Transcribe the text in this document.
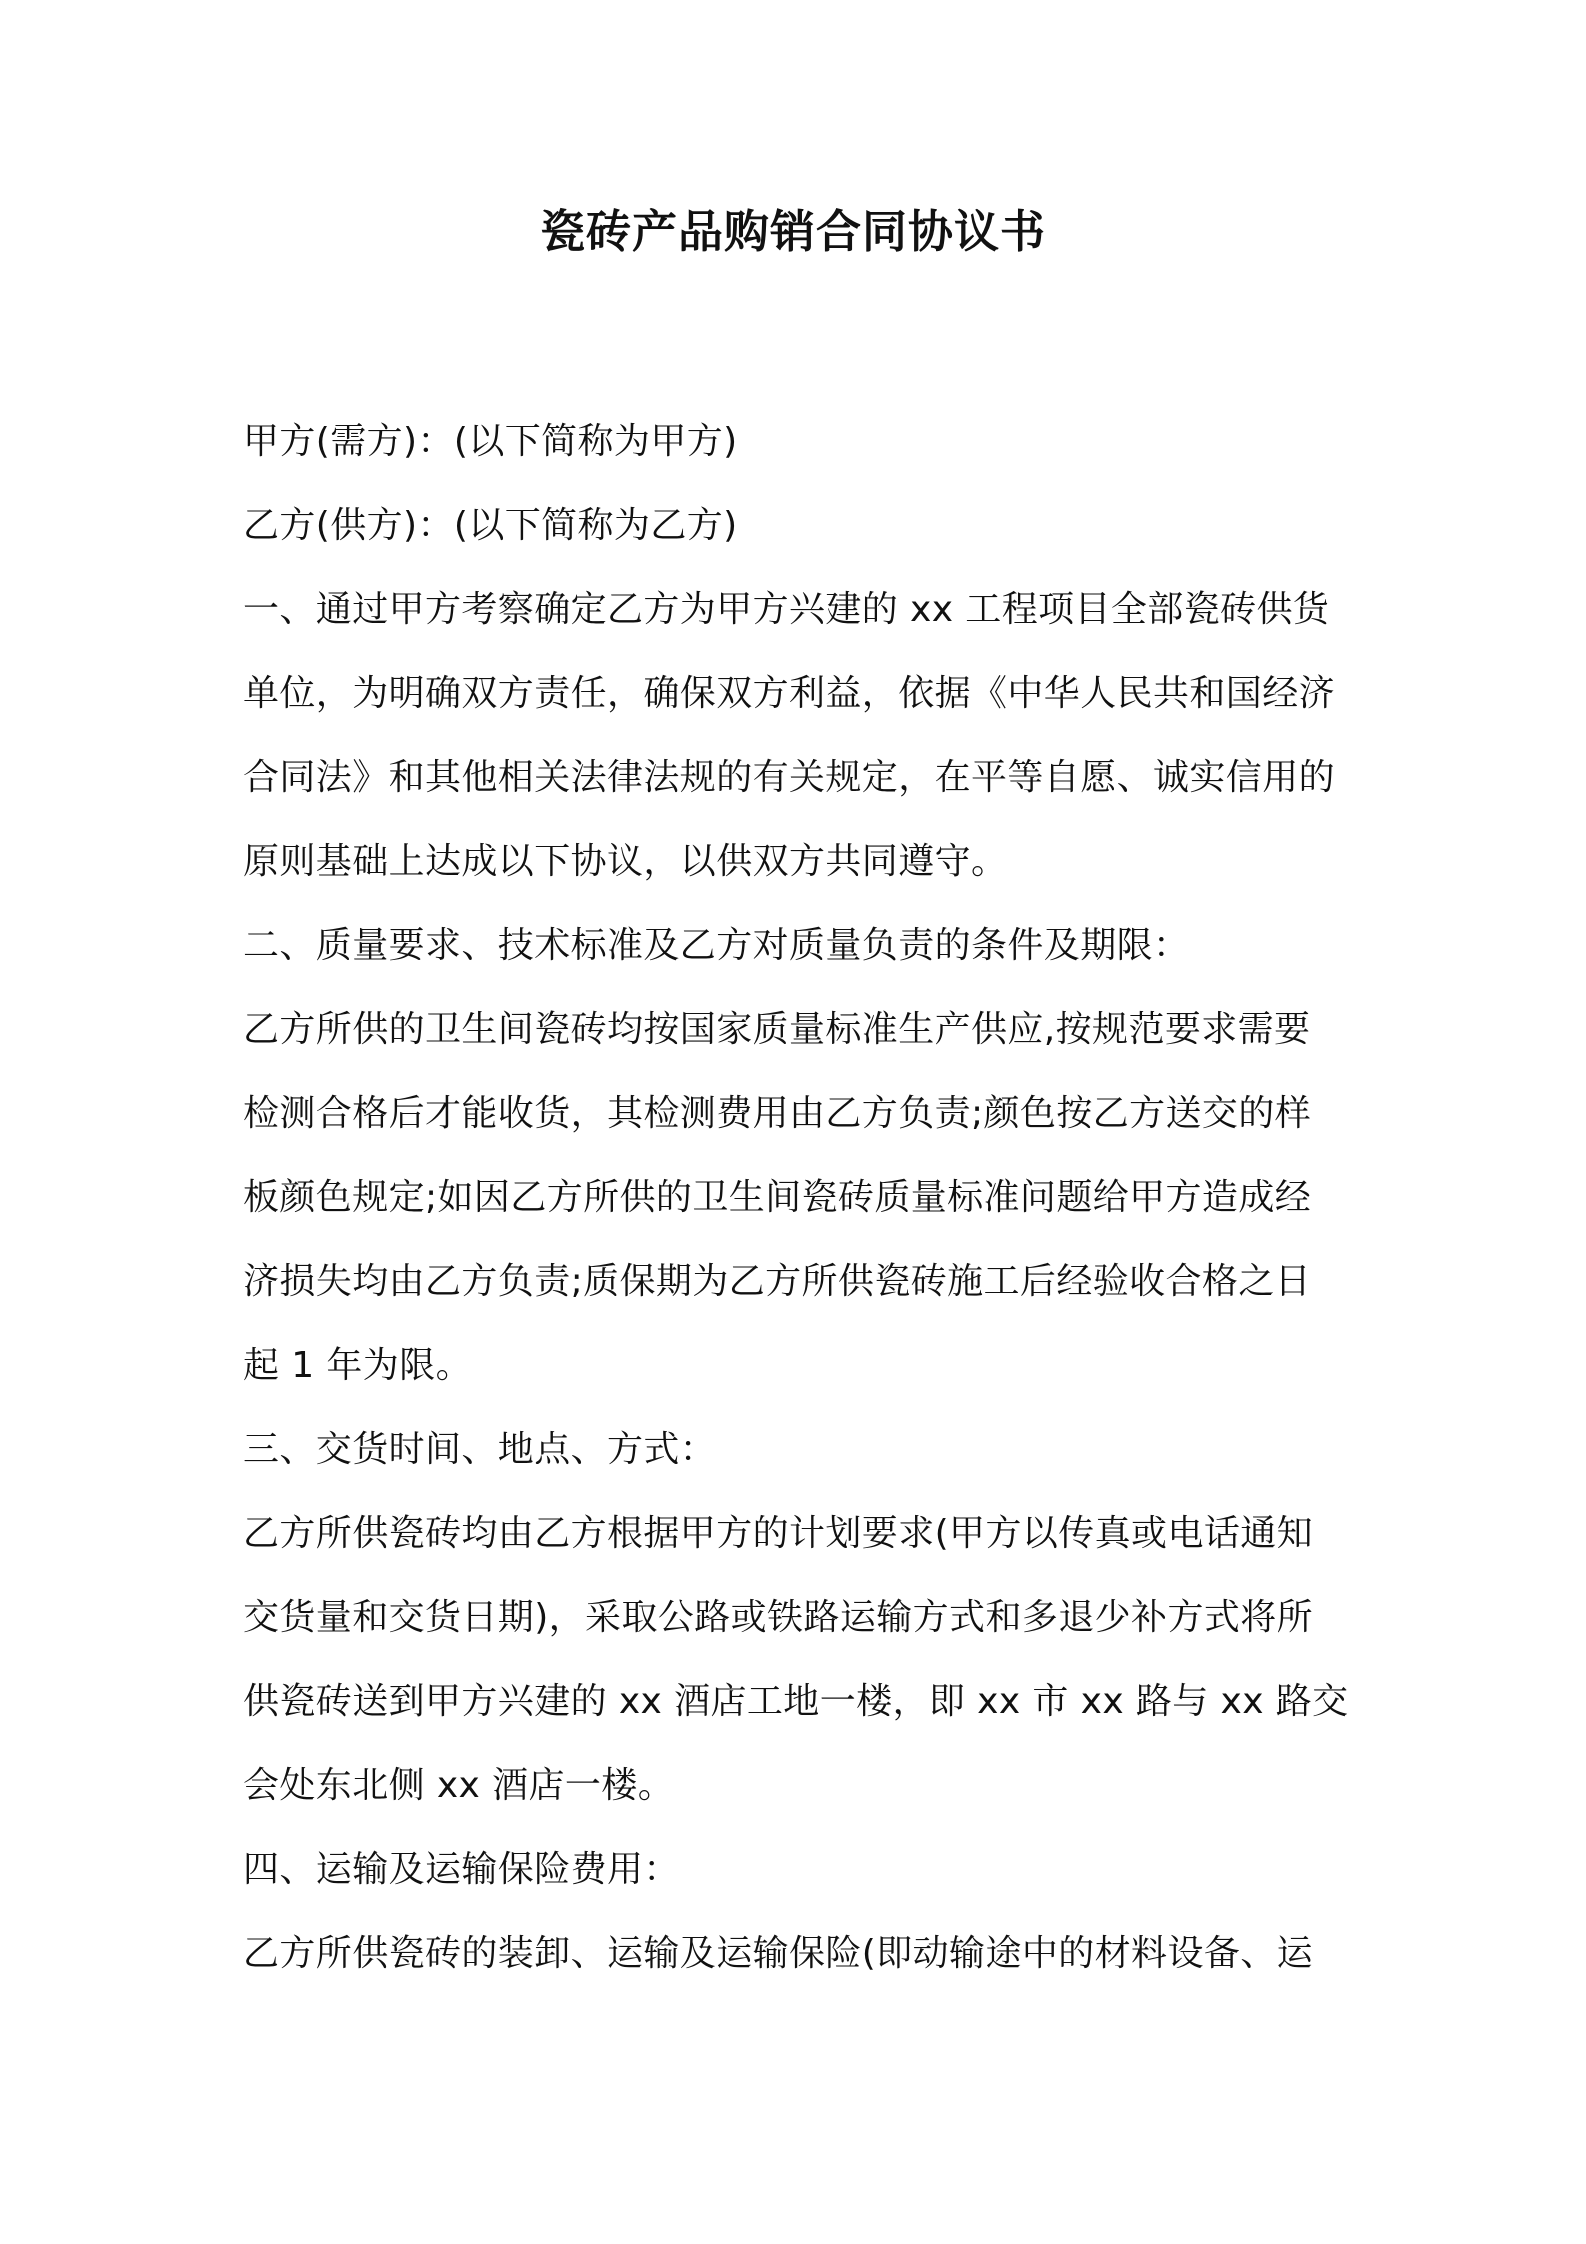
瓷砖产品购销合同协议书
甲方(需方)：(以下简称为甲方)
乙方(供方)：(以下简称为乙方)
一、通过甲方考察确定乙方为甲方兴建的 xx 工程项目全部瓷砖供货
单位，为明确双方责任，确保双方利益，依据《中华人民共和国经济
合同法》和其他相关法律法规的有关规定，在平等自愿、诚实信用的
原则基础上达成以下协议，以供双方共同遵守。
二、质量要求、技术标准及乙方对质量负责的条件及期限：
乙方所供的卫生间瓷砖均按国家质量标准生产供应,按规范要求需要
检测合格后才能收货，其检测费用由乙方负责;颜色按乙方送交的样
板颜色规定;如因乙方所供的卫生间瓷砖质量标准问题给甲方造成经
济损失均由乙方负责;质保期为乙方所供瓷砖施工后经验收合格之日
起 1 年为限。
三、交货时间、地点、方式：
乙方所供瓷砖均由乙方根据甲方的计划要求(甲方以传真或电话通知
交货量和交货日期)，采取公路或铁路运输方式和多退少补方式将所
供瓷砖送到甲方兴建的 xx 酒店工地一楼，即 xx 市 xx 路与 xx 路交
会处东北侧 xx 酒店一楼。
四、运输及运输保险费用：
乙方所供瓷砖的装卸、运输及运输保险(即动输途中的材料设备、运
